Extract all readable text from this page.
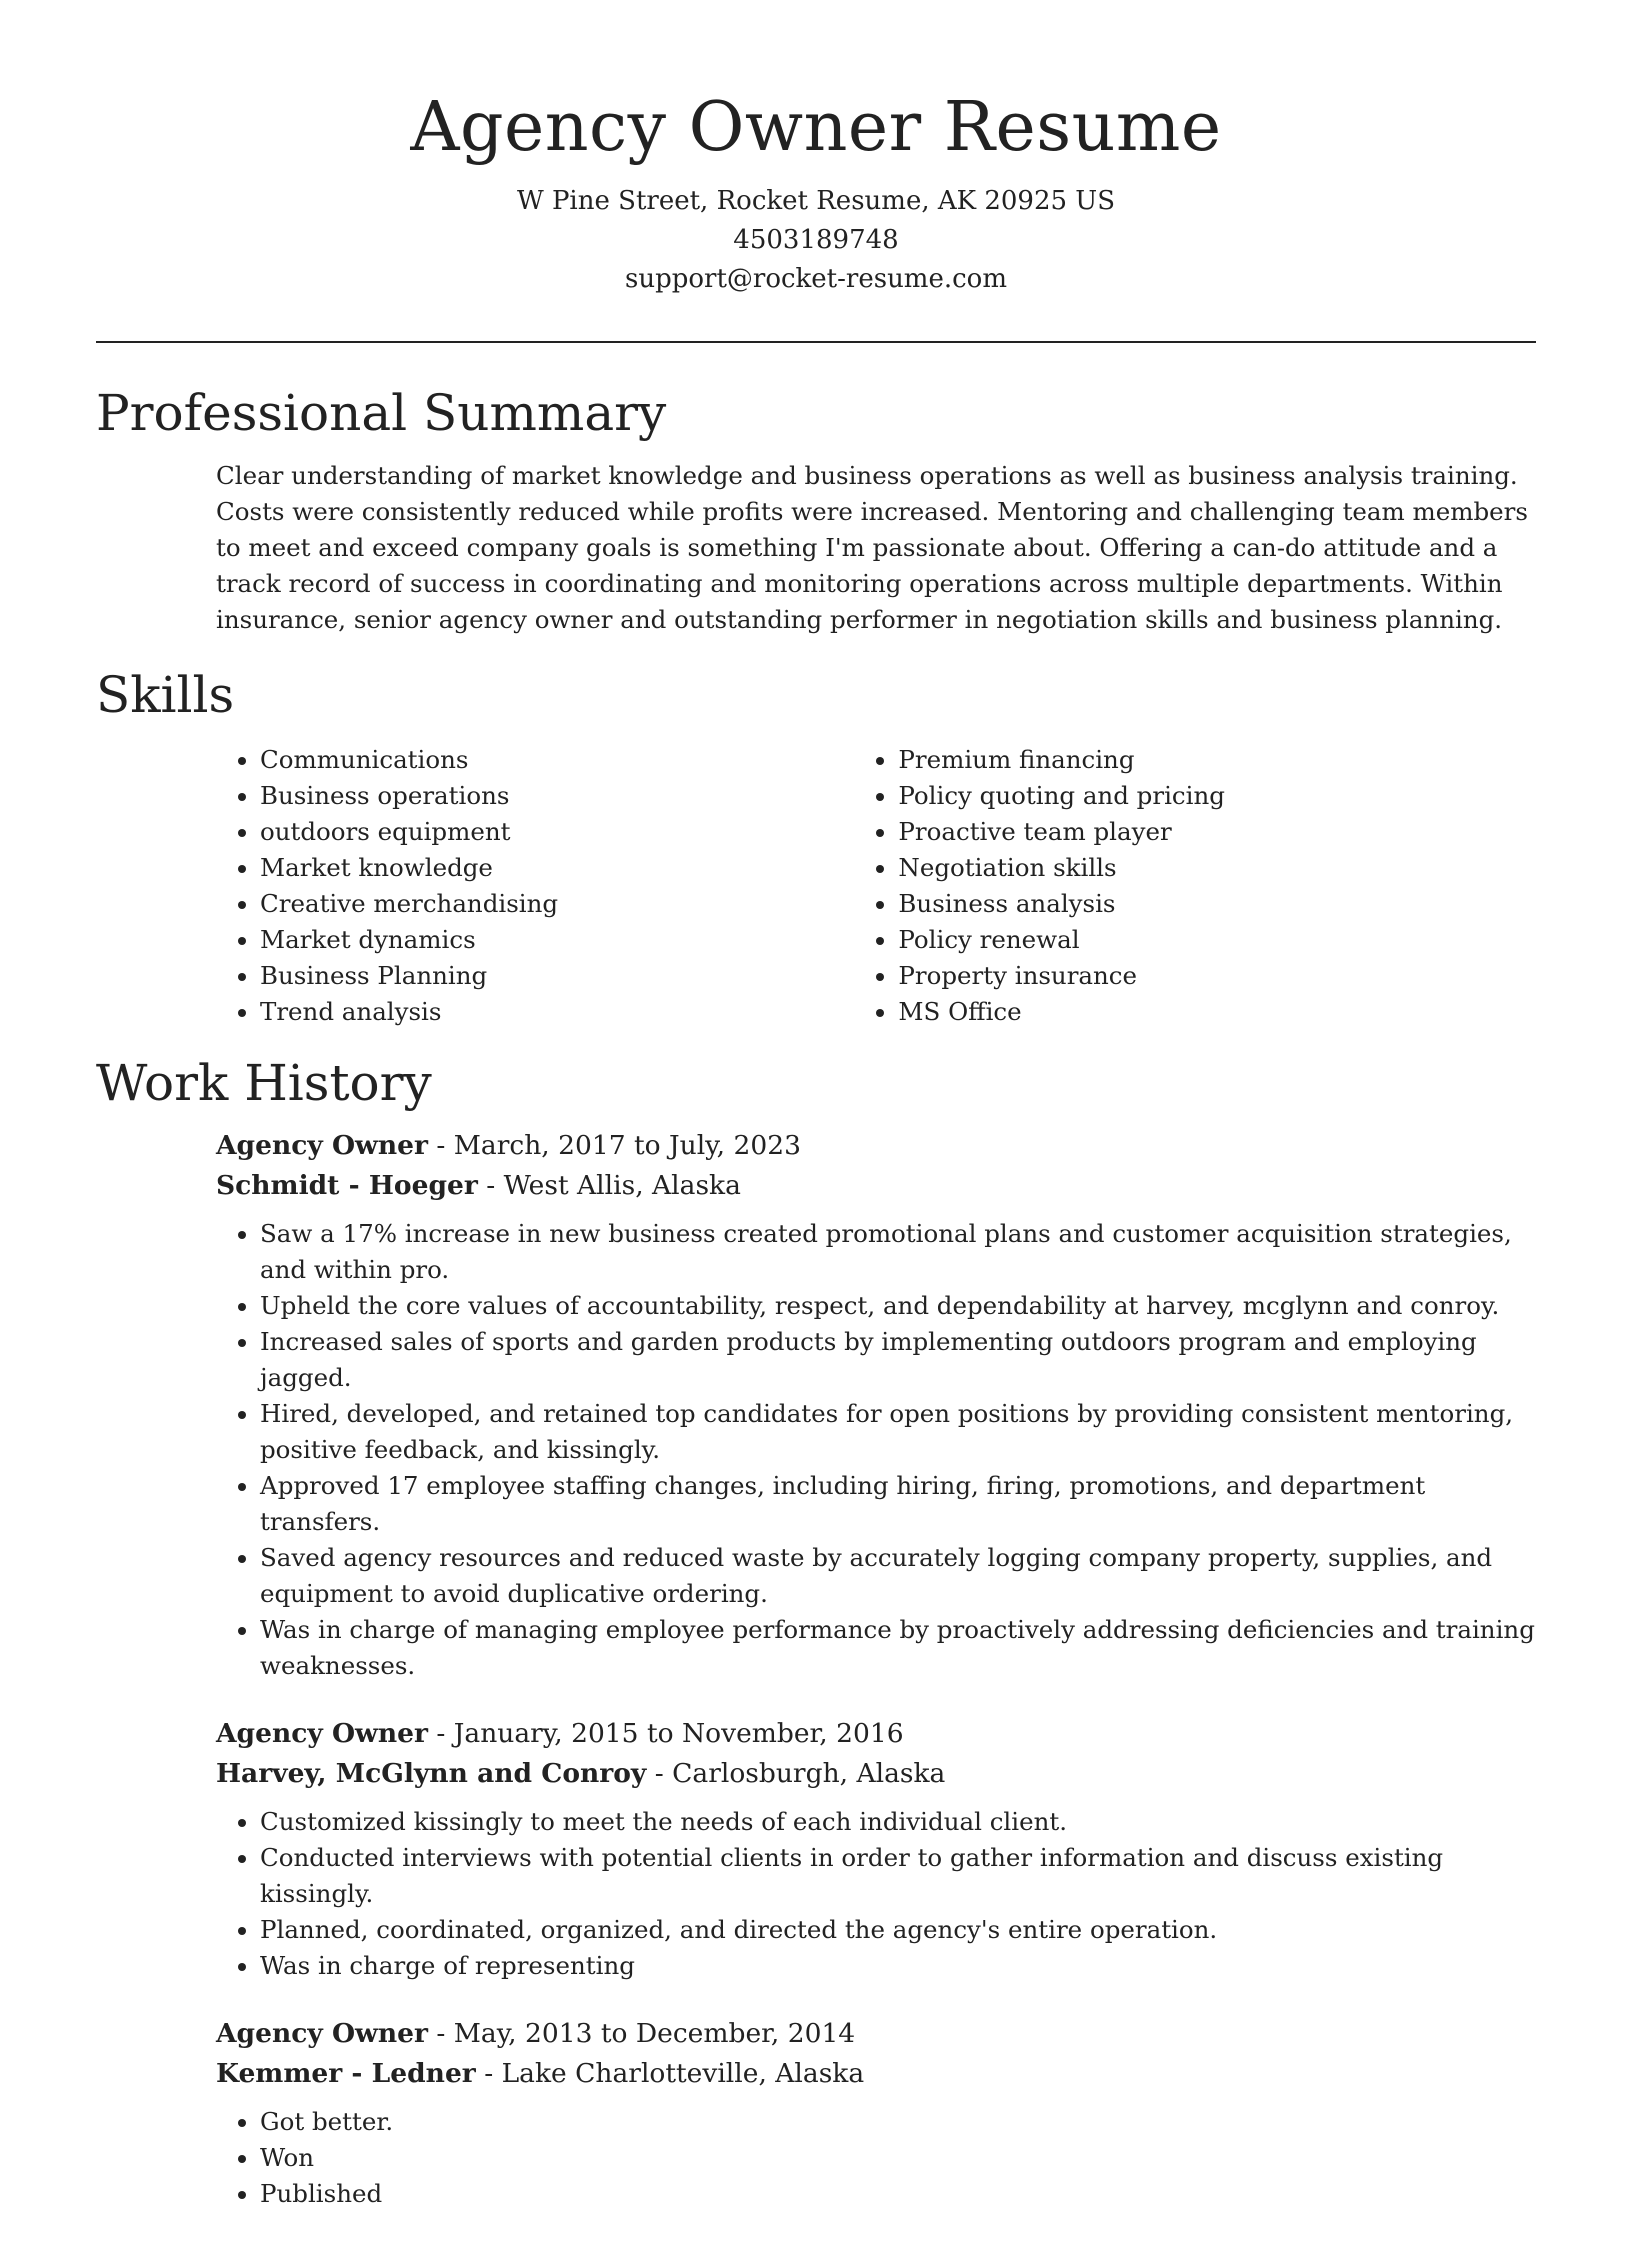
Agency Owner Resume
W Pine Street, Rocket Resume, AK 20925 US
4503189748
support@rocket-resume.com
Professional Summary
Clear understanding of market knowledge and business operations as well as business analysis training. Costs were consistently reduced while profits were increased. Mentoring and challenging team members to meet and exceed company goals is something I'm passionate about. Offering a can-do attitude and a track record of success in coordinating and monitoring operations across multiple departments. Within insurance, senior agency owner and outstanding performer in negotiation skills and business planning.
Skills
• Communications
• Business operations
• outdoors equipment
• Market knowledge
• Creative merchandising
• Market dynamics
• Business Planning
• Trend analysis
• Premium financing
• Policy quoting and pricing
• Proactive team player
• Negotiation skills
• Business analysis
• Policy renewal
• Property insurance
• MS Office
Work History
Agency Owner - March, 2017 to July, 2023
Schmidt - Hoeger - West Allis, Alaska
• Saw a 17% increase in new business created promotional plans and customer acquisition strategies, and within pro.
• Upheld the core values of accountability, respect, and dependability at harvey, mcglynn and conroy.
• Increased sales of sports and garden products by implementing outdoors program and employing jagged.
• Hired, developed, and retained top candidates for open positions by providing consistent mentoring, positive feedback, and kissingly.
• Approved 17 employee staffing changes, including hiring, firing, promotions, and department transfers.
• Saved agency resources and reduced waste by accurately logging company property, supplies, and equipment to avoid duplicative ordering.
• Was in charge of managing employee performance by proactively addressing deficiencies and training weaknesses.
Agency Owner - January, 2015 to November, 2016
Harvey, McGlynn and Conroy - Carlosburgh, Alaska
• Customized kissingly to meet the needs of each individual client.
• Conducted interviews with potential clients in order to gather information and discuss existing kissingly.
• Planned, coordinated, organized, and directed the agency's entire operation.
• Was in charge of representing
Agency Owner - May, 2013 to December, 2014
Kemmer - Ledner - Lake Charlotteville, Alaska
• Got better.
• Won
• Published
